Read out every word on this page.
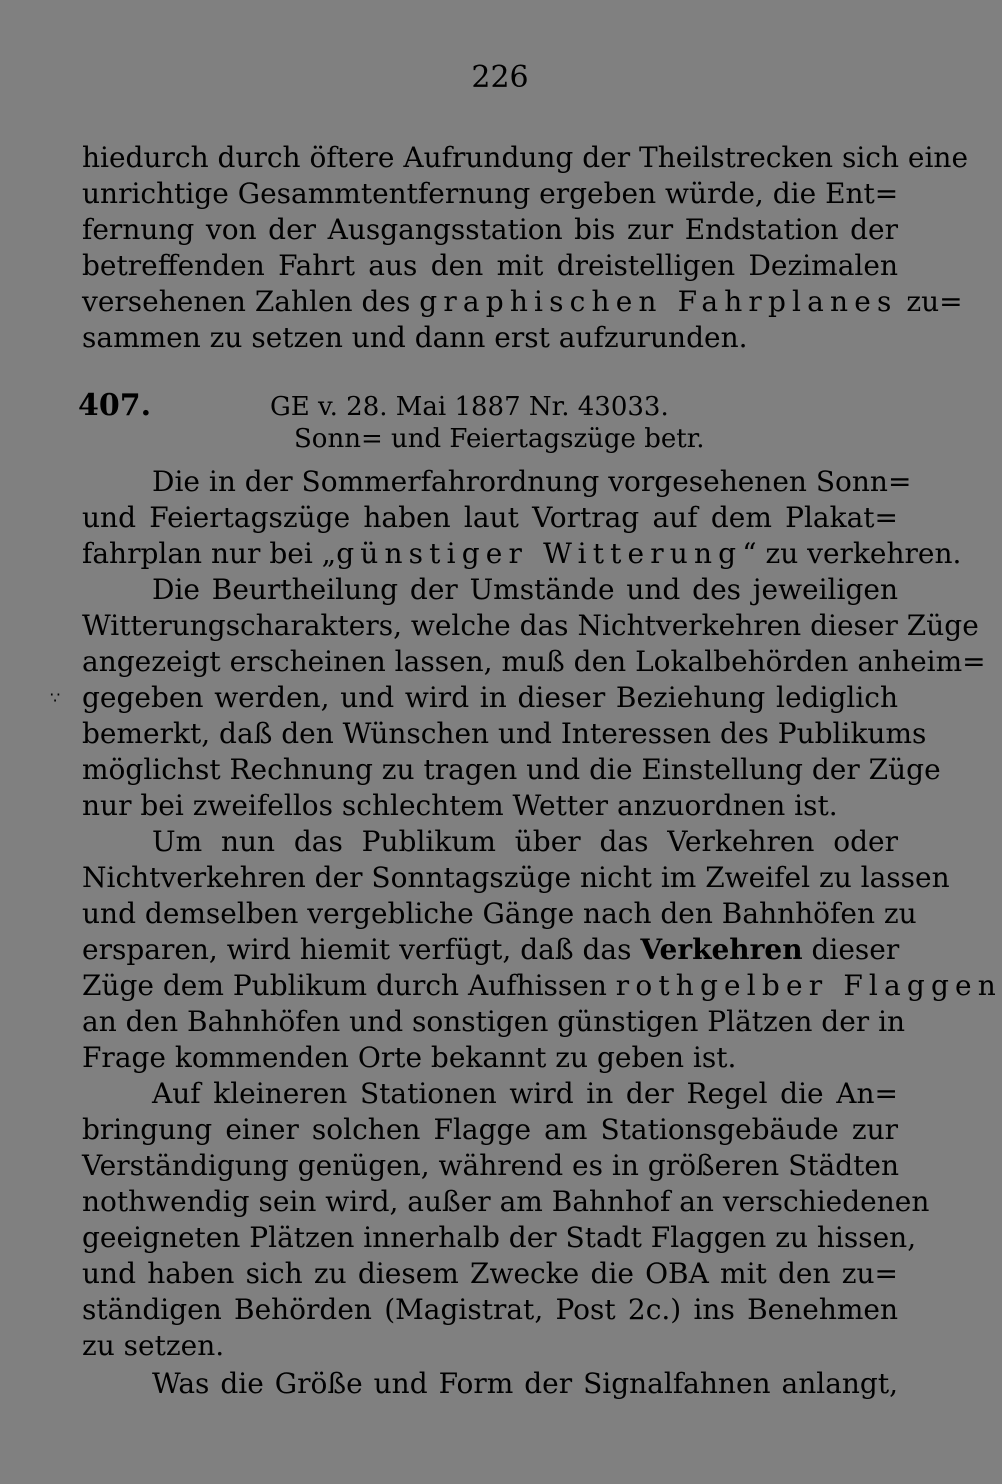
226
hiedurch durch öftere Aufrundung der Theilstrecken sich eine
unrichtige Gesammtentfernung ergeben würde, die Ent=
fernung von der Ausgangsstation bis zur Endstation der
betreffenden Fahrt aus den mit dreistelligen Dezimalen
versehenen Zahlen des graphischen Fahrplanes zu=
sammen zu setzen und dann erst aufzurunden.
407.	GE v. 28. Mai 1887 Nr. 43033.
Sonn= und Feiertagszüge betr.
Die in der Sommerfahrordnung vorgesehenen Sonn=
und Feiertagszüge haben laut Vortrag auf dem Plakat=
fahrplan nur bei „günstiger Witterung“ zu verkehren.
Die Beurtheilung der Umstände und des jeweiligen
Witterungscharakters, welche das Nichtverkehren dieser Züge
angezeigt erscheinen lassen, muß den Lokalbehörden anheim=
∵ gegeben werden, und wird in dieser Beziehung lediglich
bemerkt, daß den Wünschen und Interessen des Publikums
möglichst Rechnung zu tragen und die Einstellung der Züge
nur bei zweifellos schlechtem Wetter anzuordnen ist.
Um nun das Publikum über das Verkehren oder
Nichtverkehren der Sonntagszüge nicht im Zweifel zu lassen
und demselben vergebliche Gänge nach den Bahnhöfen zu
ersparen, wird hiemit verfügt, daß das Verkehren dieser
Züge dem Publikum durch Aufhissen rothgelber Flaggen
an den Bahnhöfen und sonstigen günstigen Plätzen der in
Frage kommenden Orte bekannt zu geben ist.
Auf kleineren Stationen wird in der Regel die An=
bringung einer solchen Flagge am Stationsgebäude zur
Verständigung genügen, während es in größeren Städten
nothwendig sein wird, außer am Bahnhof an verschiedenen
geeigneten Plätzen innerhalb der Stadt Flaggen zu hissen,
und haben sich zu diesem Zwecke die OBA mit den zu=
ständigen Behörden (Magistrat, Post 2c.) ins Benehmen
zu setzen.
Was die Größe und Form der Signalfahnen anlangt,
